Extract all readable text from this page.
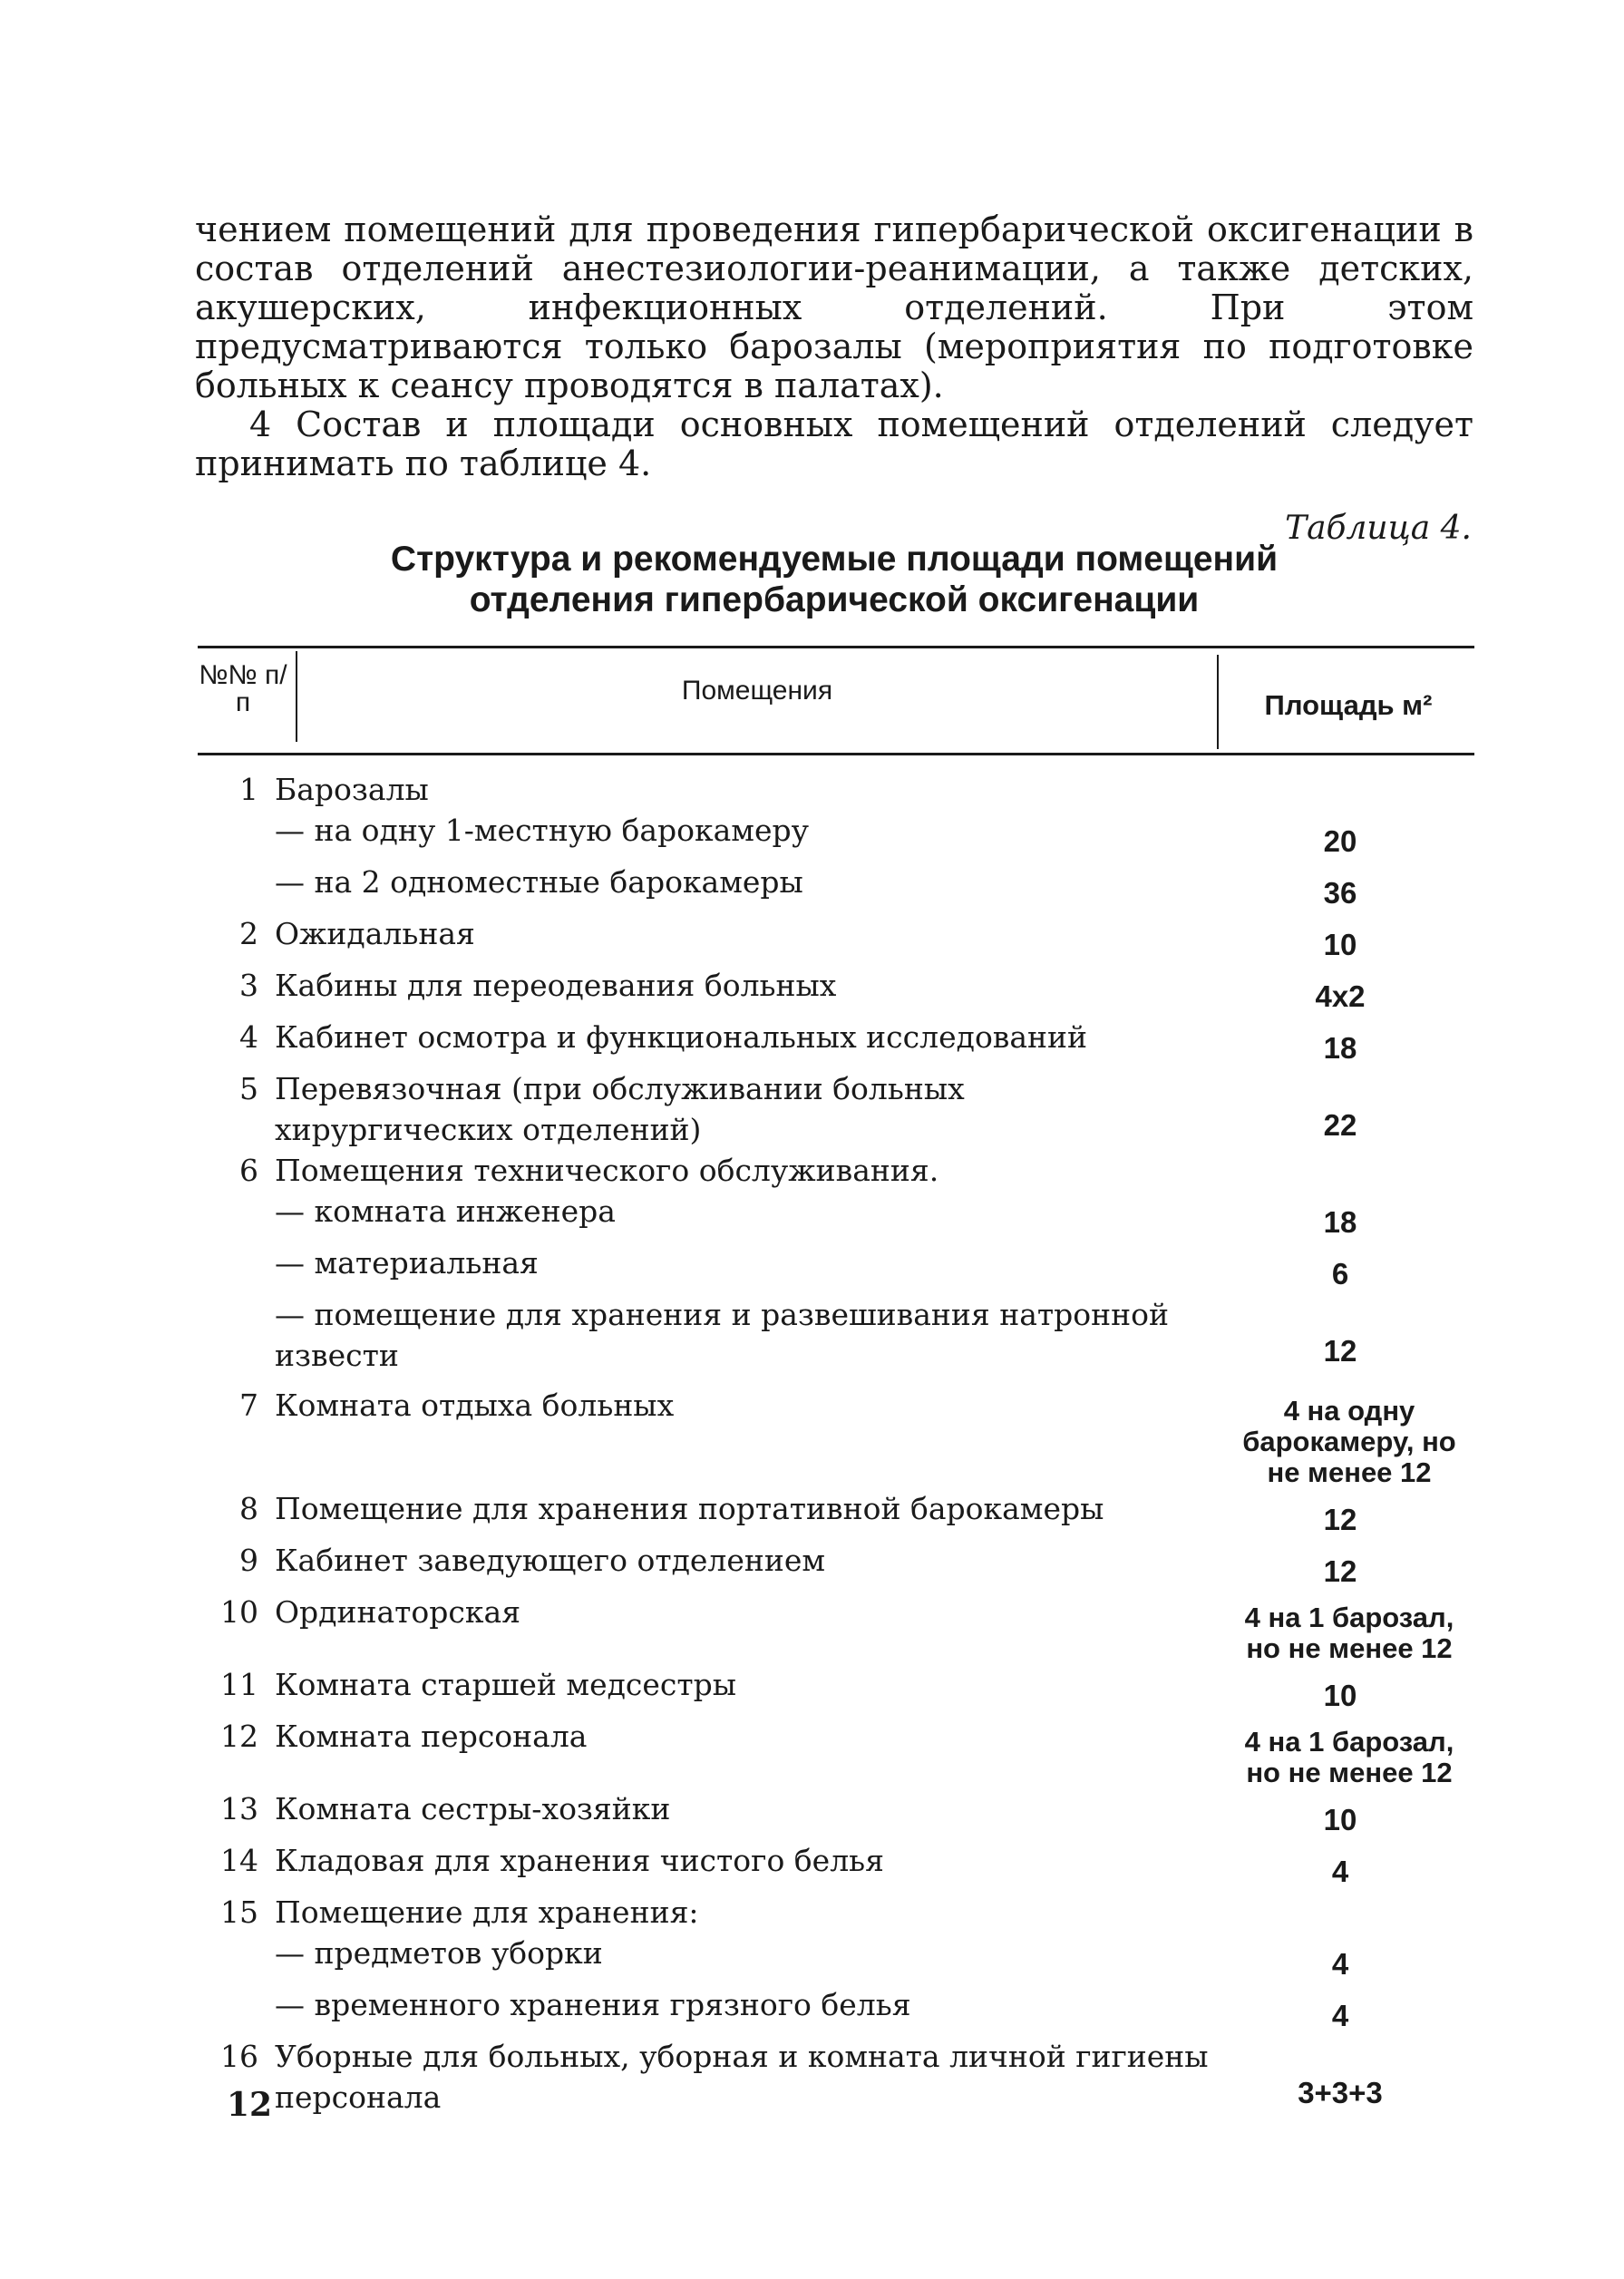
чением помещений для проведения гипербарической оксигенации в состав отделений анестезиологии-реанимации, а также детских, акушерских, инфекционных отделений. При этом предусматриваются только барозалы (мероприятия по подготовке больных к сеансу проводятся в палатах).

4 Состав и площади основных помещений отделений следует принимать по таблице 4.

Таблица 4.
Структура и рекомендуемые площади помещений
отделения гипербарической оксигенации
№№ п/п	Помещения	Площадь м²
1 Барозалы
— на одну 1-местную барокамеру	20
— на 2 одноместные барокамеры	36
2 Ожидальная	10
3 Кабины для переодевания больных	4х2
4 Кабинет осмотра и функциональных исследований	18
5 Перевязочная (при обслуживании больных хирургических отделений)	22
6 Помещения технического обслуживания.
— комната инженера	18
— материальная	6
— помещение для хранения и развешивания натронной извести	12
7 Комната отдыха больных	4 на одну барокамеру, но не менее 12
8 Помещение для хранения портативной барокамеры	12
9 Кабинет заведующего отделением	12
10 Ординаторская	4 на 1 барозал, но не менее 12
11 Комната старшей медсестры	10
12 Комната персонала	4 на 1 барозал, но не менее 12
13 Комната сестры-хозяйки	10
14 Кладовая для хранения чистого белья	4
15 Помещение для хранения:
— предметов уборки	4
— временного хранения грязного белья	4
16 Уборные для больных, уборная и комната личной гигиены персонала	3+3+3
12
